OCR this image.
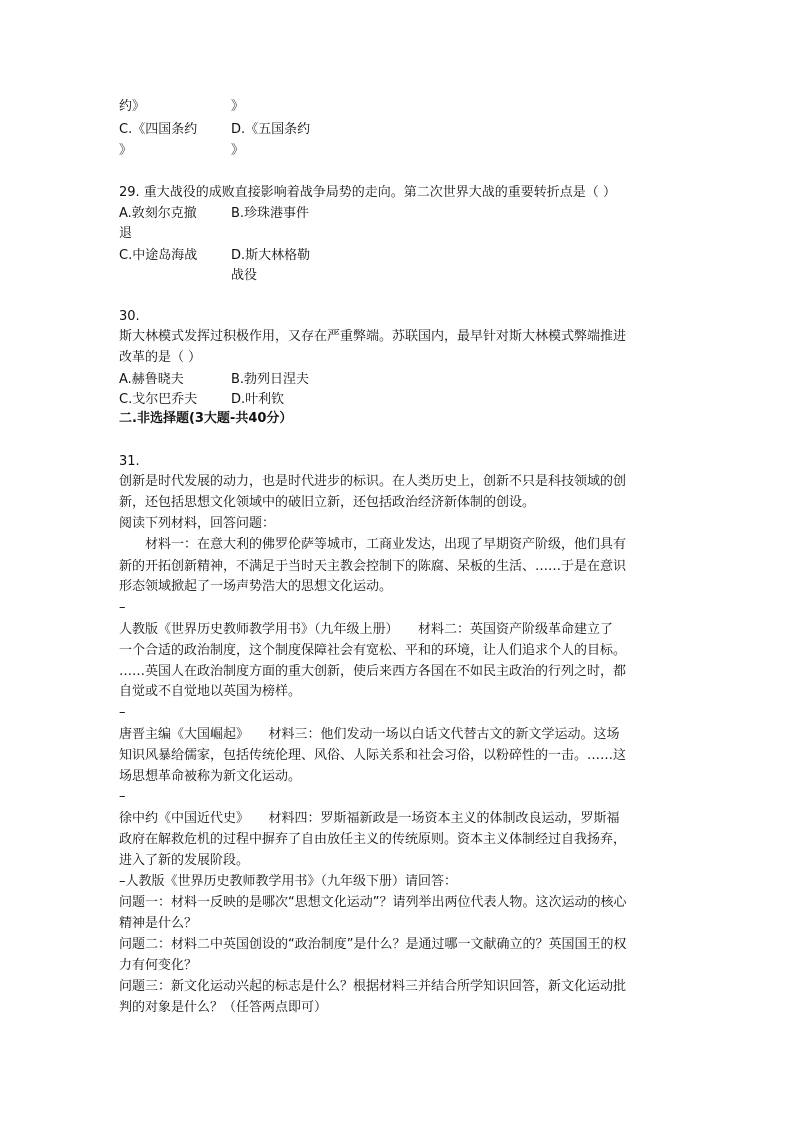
约》	》
C.《四国条约	D.《五国条约
》	》
29. 重大战役的成败直接影响着战争局势的走向。第二次世界大战的重要转折点是（ ）
A.敦刻尔克撤	B.珍珠港事件
退
C.中途岛海战	D.斯大林格勒
战役
30.
斯大林模式发挥过积极作用，又存在严重弊端。苏联国内，最早针对斯大林模式弊端推进
改革的是（ ）
A.赫鲁晓夫	B.勃列日涅夫
C.戈尔巴乔夫	D.叶利钦
二.非选择题(3大题-共40分）
31.
创新是时代发展的动力，也是时代进步的标识。在人类历史上，创新不只是科技领域的创
新，还包括思想文化领域中的破旧立新，还包括政治经济新体制的创设。
阅读下列材料，回答问题：
材料一：在意大利的佛罗伦萨等城市，工商业发达，出现了早期资产阶级，他们具有
新的开拓创新精神，不满足于当时天主教会控制下的陈腐、呆板的生活、……于是在意识
形态领域掀起了一场声势浩大的思想文化运动。
–
人教版《世界历史教师教学用书》（九年级上册）　　材料二：英国资产阶级革命建立了
一个合适的政治制度，这个制度保障社会有宽松、平和的环境，让人们追求个人的目标。
……英国人在政治制度方面的重大创新，使后来西方各国在不如民主政治的行列之时，都
自觉或不自觉地以英国为榜样。
–
唐晋主编《大国崛起》　　材料三：他们发动一场以白话文代替古文的新文学运动。这场
知识风暴给儒家，包括传统伦理、风俗、人际关系和社会习俗，以粉碎性的一击。……这
场思想革命被称为新文化运动。
–
徐中约《中国近代史》　　材料四：罗斯福新政是一场资本主义的体制改良运动，罗斯福
政府在解救危机的过程中摒弃了自由放任主义的传统原则。资本主义体制经过自我扬弃，
进入了新的发展阶段。
–人教版《世界历史教师教学用书》（九年级下册）请回答：
问题一：材料一反映的是哪次“思想文化运动”？请列举出两位代表人物。这次运动的核心
精神是什么？
问题二：材料二中英国创设的“政治制度”是什么？是通过哪一文献确立的？英国国王的权
力有何变化？
问题三：新文化运动兴起的标志是什么？根据材料三并结合所学知识回答，新文化运动批
判的对象是什么？（任答两点即可）
